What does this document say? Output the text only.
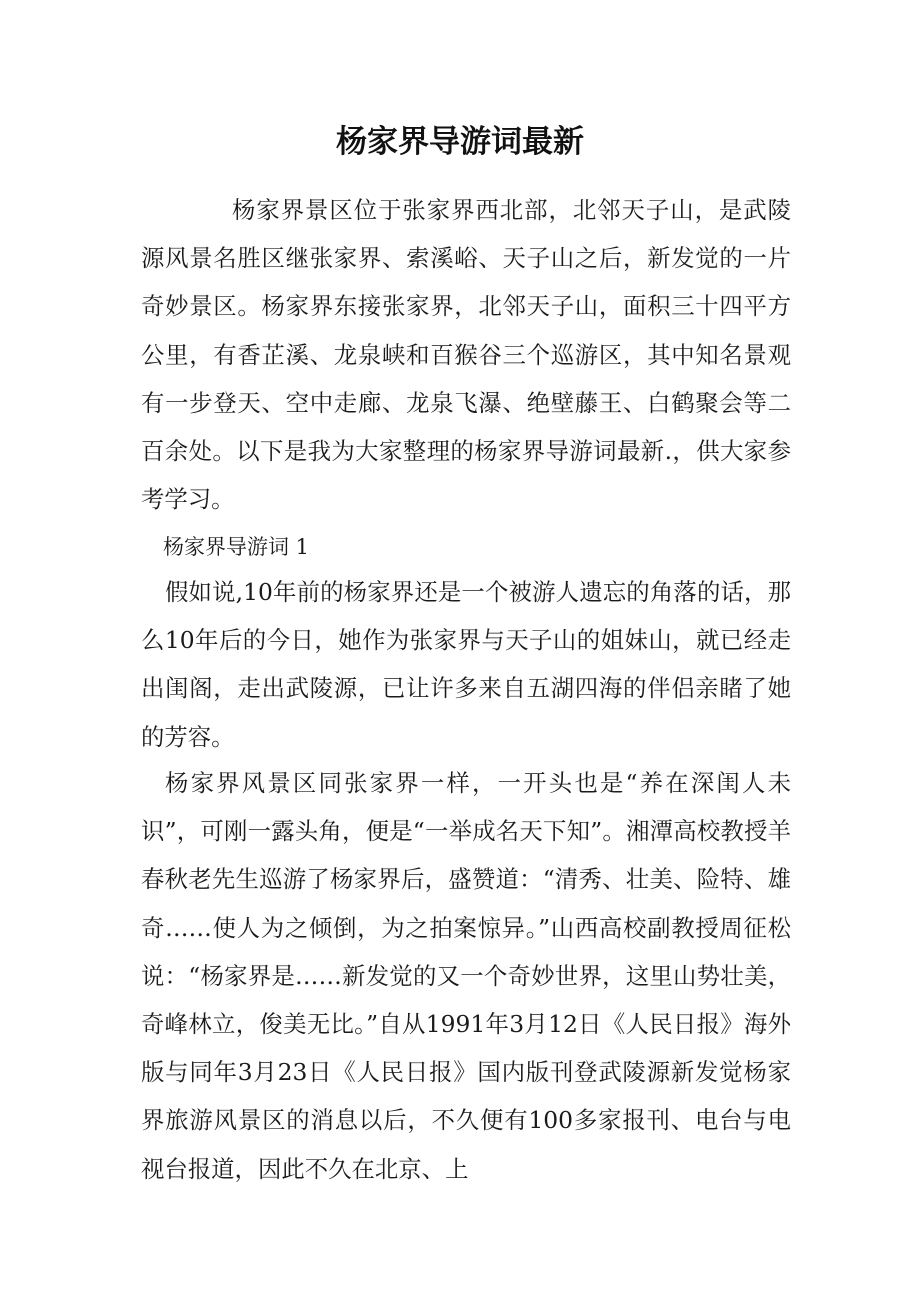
杨家界导游词最新

杨家界景区位于张家界西北部，北邻天子山，是武陵源风景名胜区继张家界、索溪峪、天子山之后，新发觉的一片奇妙景区。杨家界东接张家界，北邻天子山，面积三十四平方公里，有香芷溪、龙泉峡和百猴谷三个巡游区，其中知名景观有一步登天、空中走廊、龙泉飞瀑、绝壁藤王、白鹤聚会等二百余处。以下是我为大家整理的杨家界导游词最新.，供大家参考学习。

杨家界导游词 1

假如说,10年前的杨家界还是一个被游人遗忘的角落的话，那么10年后的今日，她作为张家界与天子山的姐妹山，就已经走出闺阁，走出武陵源，已让许多来自五湖四海的伴侣亲睹了她的芳容。

杨家界风景区同张家界一样，一开头也是“养在深闺人未识”，可刚一露头角，便是“一举成名天下知”。湘潭高校教授羊春秋老先生巡游了杨家界后，盛赞道：“清秀、壮美、险特、雄奇……使人为之倾倒，为之拍案惊异。”山西高校副教授周征松说：“杨家界是……新发觉的又一个奇妙世界，这里山势壮美，奇峰林立，俊美无比。”自从1991年3月12日《人民日报》海外版与同年3月23日《人民日报》国内版刊登武陵源新发觉杨家界旅游风景区的消息以后，不久便有100多家报刊、电台与电视台报道，因此不久在北京、上
